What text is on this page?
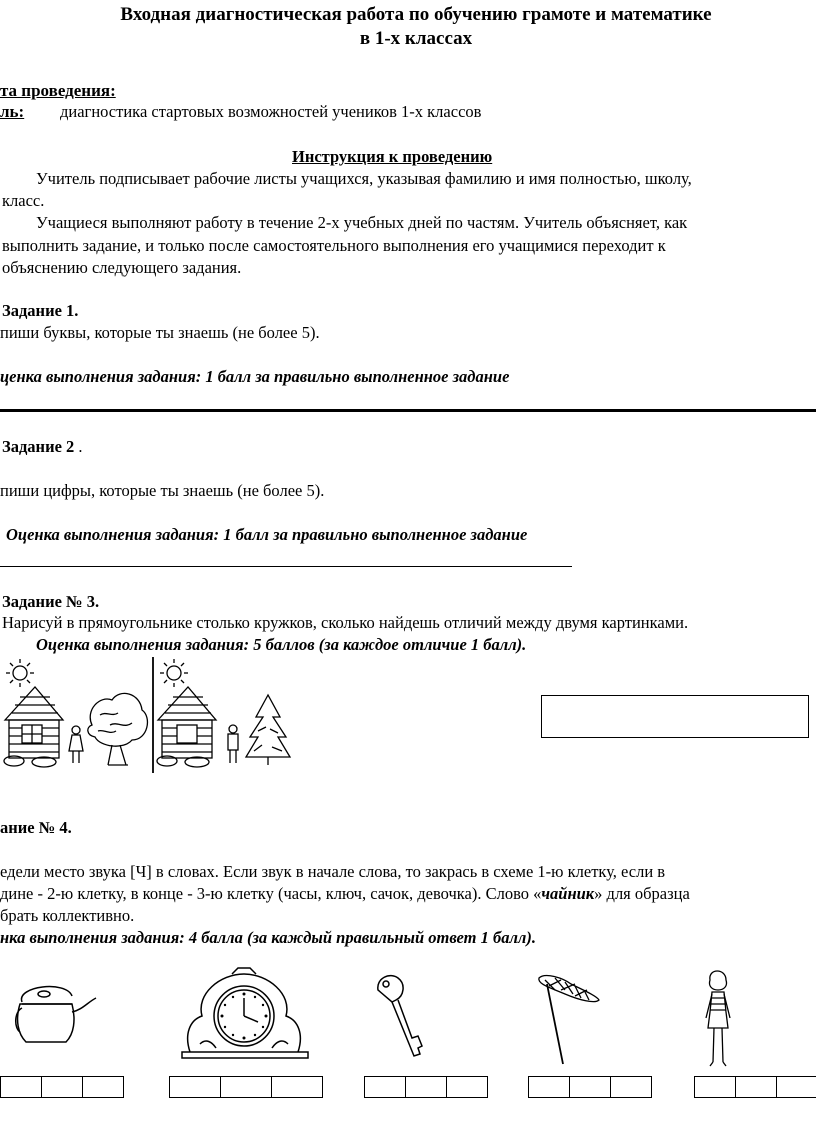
Входная диагностическая работа по обучению грамоте и математике
в 1-х классах
та проведения:
ль: диагностика стартовых возможностей учеников 1-х классов
Инструкция к проведению
Учитель подписывает рабочие листы учащихся, указывая фамилию и имя полностью, школу,
класс.
Учащиеся выполняют работу в течение 2-х учебных дней по частям. Учитель объясняет, как
выполнить задание, и только после самостоятельного выполнения его учащимися переходит к
объяснению следующего задания.
Задание 1.
пиши буквы, которые ты знаешь (не более 5).
ценка выполнения задания: 1 балл за правильно выполненное задание
Задание 2 .
пиши цифры, которые ты знаешь (не более 5).
Оценка выполнения задания: 1 балл за правильно выполненное задание
Задание № 3.
Нарисуй в прямоугольнике столько кружков, сколько найдешь отличий между двумя картинками.
Оценка выполнения задания: 5 баллов (за каждое отличие 1 балл).
ание № 4.
едели место звука [Ч] в словах. Если звук в начале слова, то закрась в схеме 1-ю клетку, если в
дине - 2-ю клетку, в конце - 3-ю клетку (часы, ключ, сачок, девочка). Слово «чайник» для образца
брать коллективно.
нка выполнения задания: 4 балла (за каждый правильный ответ 1 балл).
